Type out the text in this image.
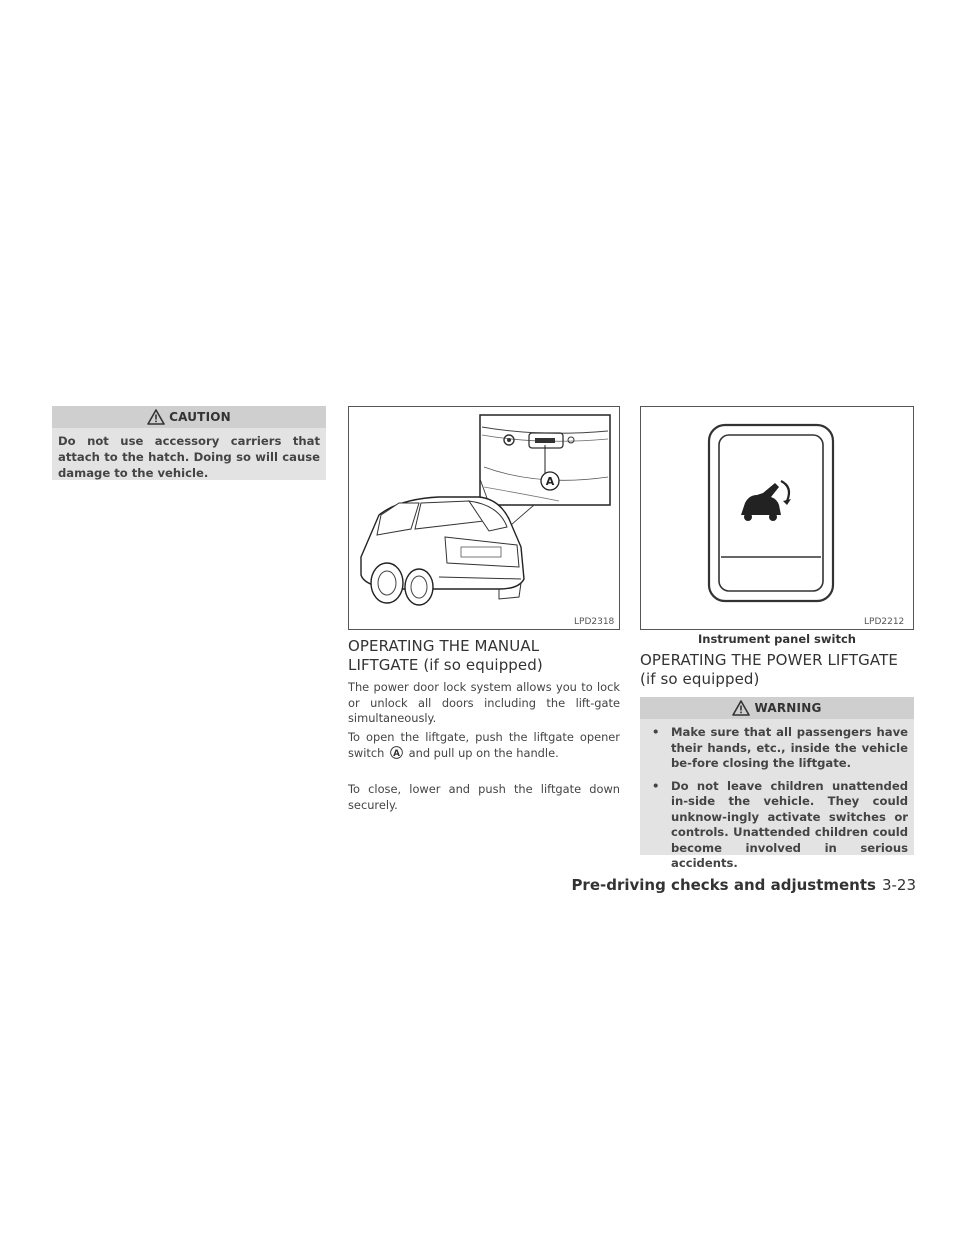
CAUTION
Do not use accessory carriers that attach to the hatch. Doing so will cause damage to the vehicle.
A
LPD2318	LPD2212
Instrument panel switch
OPERATING THE MANUAL
LIFTGATE (if so equipped)
The power door lock system allows you to lock or unlock all doors including the lift-gate simultaneously.
To open the liftgate, push the liftgate opener switch A and pull up on the handle.
To close, lower and push the liftgate down securely.
OPERATING THE POWER LIFTGATE
(if so equipped)
WARNING
• Make sure that all passengers have their hands, etc., inside the vehicle be-fore closing the liftgate.
• Do not leave children unattended in-side the vehicle. They could unknow-ingly activate switches or controls. Unattended children could become involved in serious accidents.
Pre-driving checks and adjustments 3-23
